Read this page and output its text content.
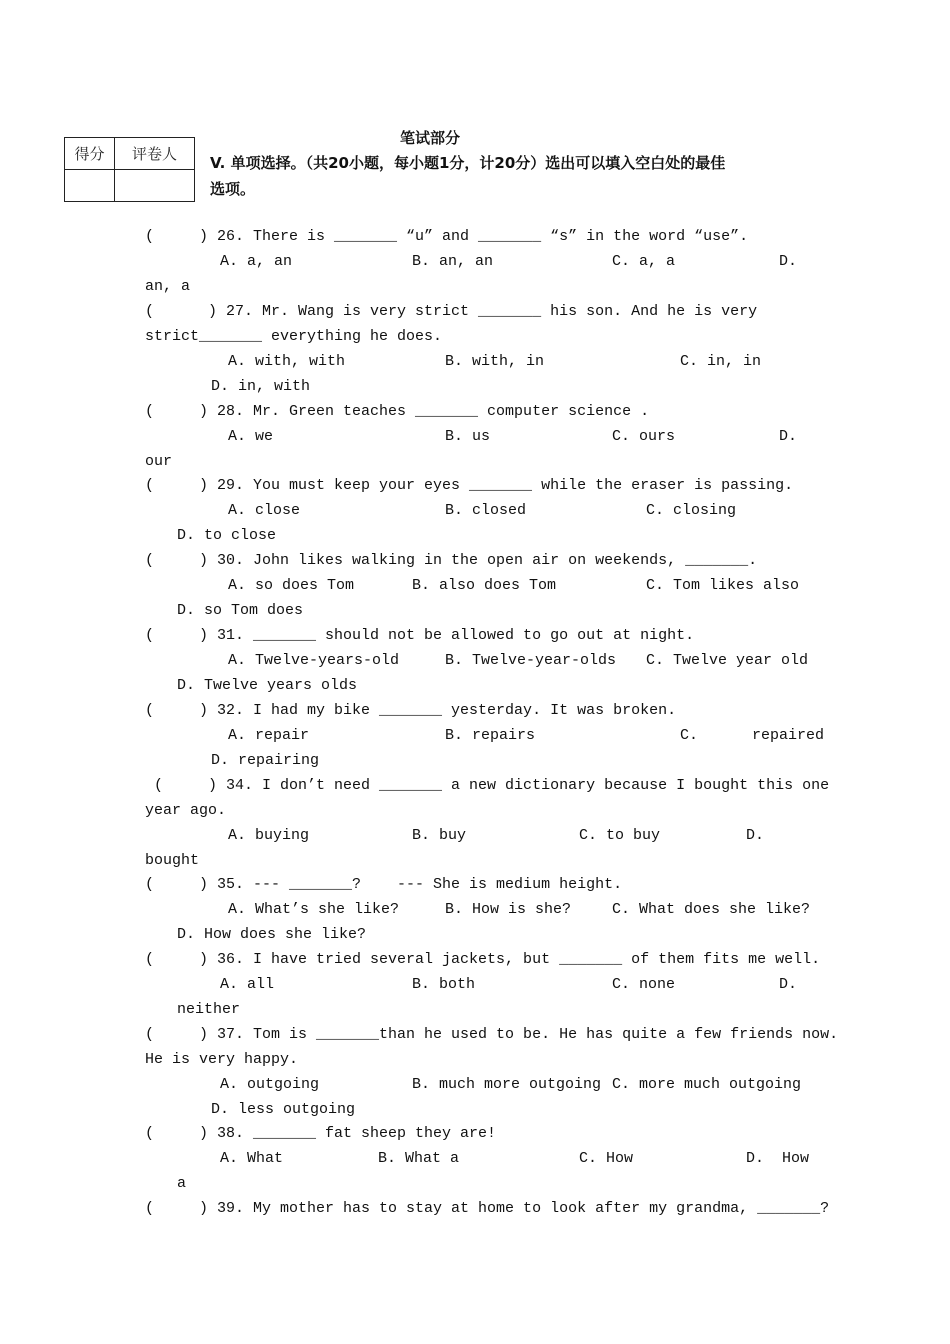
得分	评卷人

笔试部分
V. 单项选择。（共20小题，每小题1分，计20分）选出可以填入空白处的最佳
选项。
(     ) 26. There is _______ “u” and _______ “s” in the word “use”.
A. a, an	B. an, an	C. a, a	D.
an, a
(      ) 27. Mr. Wang is very strict _______ his son. And he is very
strict_______ everything he does.
A. with, with	B. with, in	C. in, in
D. in, with
(     ) 28. Mr. Green teaches _______ computer science .
A. we	B. us	C. ours	D.
our
(     ) 29. You must keep your eyes _______ while the eraser is passing.
A. close	B. closed	C. closing
D. to close
(     ) 30. John likes walking in the open air on weekends, _______.
A. so does Tom	B. also does Tom	C. Tom likes also
D. so Tom does
(     ) 31. _______ should not be allowed to go out at night.
A. Twelve-years-old	B. Twelve-year-olds C. Twelve year old
D. Twelve years olds
(     ) 32. I had my bike _______ yesterday. It was broken.
A. repair	B. repairs	C.      repaired
D. repairing
(     ) 34. I don’t need _______ a new dictionary because I bought this one
year ago.
A. buying	B. buy	C. to buy	D.
bought
(     ) 35. --- _______?    --- She is medium height.
A. What’s she like?	B. How is she?	C. What does she like?
D. How does she like?
(     ) 36. I have tried several jackets, but _______ of them fits me well.
A. all	B. both	C. none	D.
neither
(     ) 37. Tom is _______than he used to be. He has quite a few friends now.
He is very happy.
A. outgoing	B. much more outgoing C. more much outgoing
D. less outgoing
(     ) 38. _______ fat sheep they are!
A. What	B. What a	C. How	D.  How
a
(     ) 39. My mother has to stay at home to look after my grandma, _______?
